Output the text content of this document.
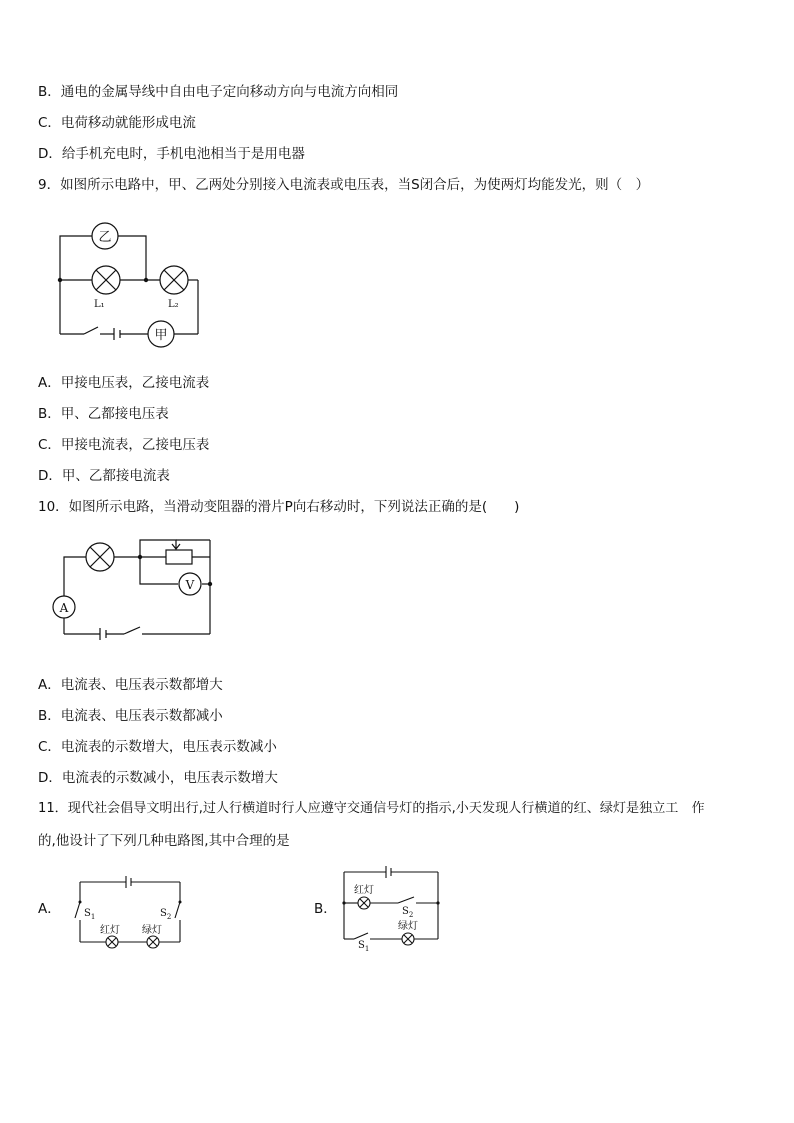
B．通电的金属导线中自由电子定向移动方向与电流方向相同
C．电荷移动就能形成电流
D．给手机充电时，手机电池相当于是用电器
9．如图所示电路中，甲、乙两处分别接入电流表或电压表，当S闭合后，为使两灯均能发光，则（　）
乙
甲
L₁	L₂
A．甲接电压表，乙接电流表
B．甲、乙都接电压表
C．甲接电流表，乙接电压表
D．甲、乙都接电流表
10．如图所示电路，当滑动变阻器的滑片P向右移动时，下列说法正确的是(　　)
A
V
A．电流表、电压表示数都增大
B．电流表、电压表示数都减小
C．电流表的示数增大，电压表示数减小
D．电流表的示数减小，电压表示数增大
11．现代社会倡导文明出行,过人行横道时行人应遵守交通信号灯的指示,小天发现人行横道的红、绿灯是独立工　作
的,他设计了下列几种电路图,其中合理的是
A．	B．
$S_1$	$S_2$
红灯 绿灯
红灯
$S_2$
绿灯
$S_1$
